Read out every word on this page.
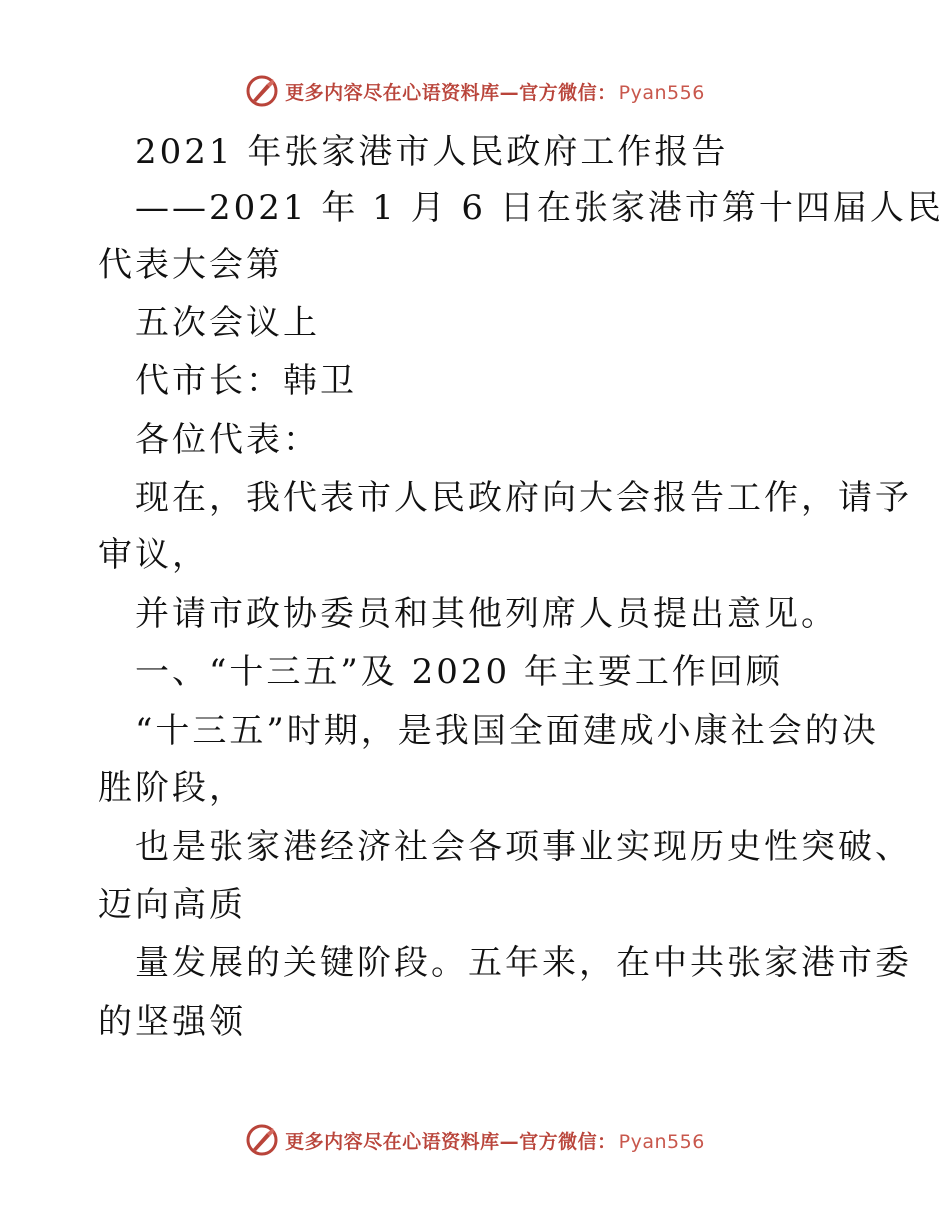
更多内容尽在心语资料库—官方微信： Pyan556
2021 年张家港市人民政府工作报告
——2021 年 1 月 6 日在张家港市第十四届人民
代表大会第
五次会议上
代市长：韩卫
各位代表：
现在，我代表市人民政府向大会报告工作，请予
审议，
并请市政协委员和其他列席人员提出意见。
一、“十三五”及 2020 年主要工作回顾
“十三五”时期，是我国全面建成小康社会的决
胜阶段，
也是张家港经济社会各项事业实现历史性突破、
迈向高质
量发展的关键阶段。五年来，在中共张家港市委
的坚强领
更多内容尽在心语资料库—官方微信： Pyan556
